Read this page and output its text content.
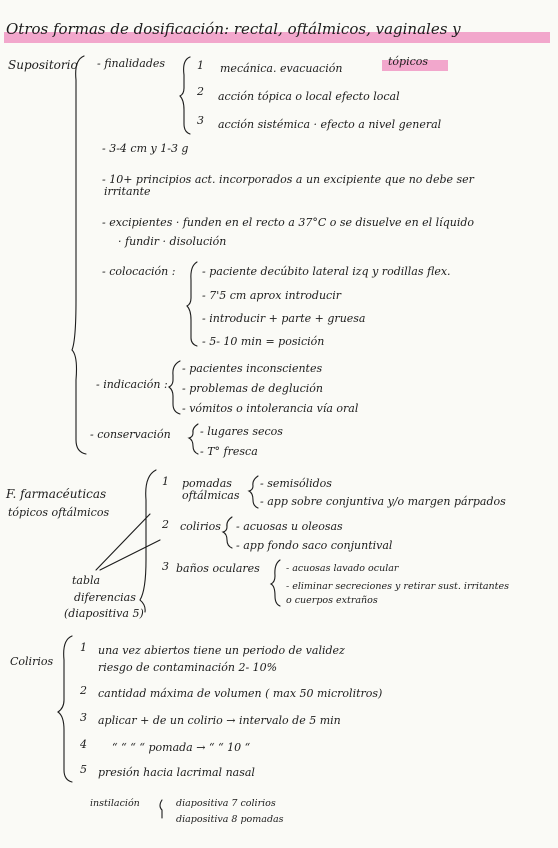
Otros formas de dosificación: rectal, oftálmicos, vaginales y
tópicos
Supositorio - finalidades	1 mecánica. evacuación
2 acción tópica o local efecto local
3 acción sistémica · efecto a nivel general
- 3-4 cm y 1-3 g
- 10+ principios act. incorporados a un excipiente que no debe ser
irritante
- excipientes · funden en el recto a 37°C o se disuelve en el líquido
· fundir · disolución
- colocación : - paciente decúbito lateral izq y rodillas flex.
- 7'5 cm aprox introducir
- introducir + parte + gruesa
- 5- 10 min = posición
- indicación :
- pacientes inconscientes
- problemas de deglución
- vómitos o intolerancia vía oral
- conservación	- lugares secos
- T° fresca
F. farmacéuticas
tópicos oftálmicos
tabla
diferencias
(diapositiva 5)
1 pomadas
oftálmicas
- semisólidos
- app sobre conjuntiva y/o margen párpados
2 colirios - acuosas u oleosas
- app fondo saco conjuntival
3 baños oculares	- acuosas lavado ocular
- eliminar secreciones y retirar sust. irritantes
o cuerpos extraños
Colirios
1 una vez abiertos tiene un periodo de validez
riesgo de contaminación 2- 10%
2 cantidad máxima de volumen ( max 50 microlitros)
3 aplicar + de un colirio → intervalo de 5 min
4 “ “ “ “ pomada → “ “ 10 “
5 presión hacia lacrimal nasal
instilación	diapositiva 7 colirios
diapositiva 8 pomadas
